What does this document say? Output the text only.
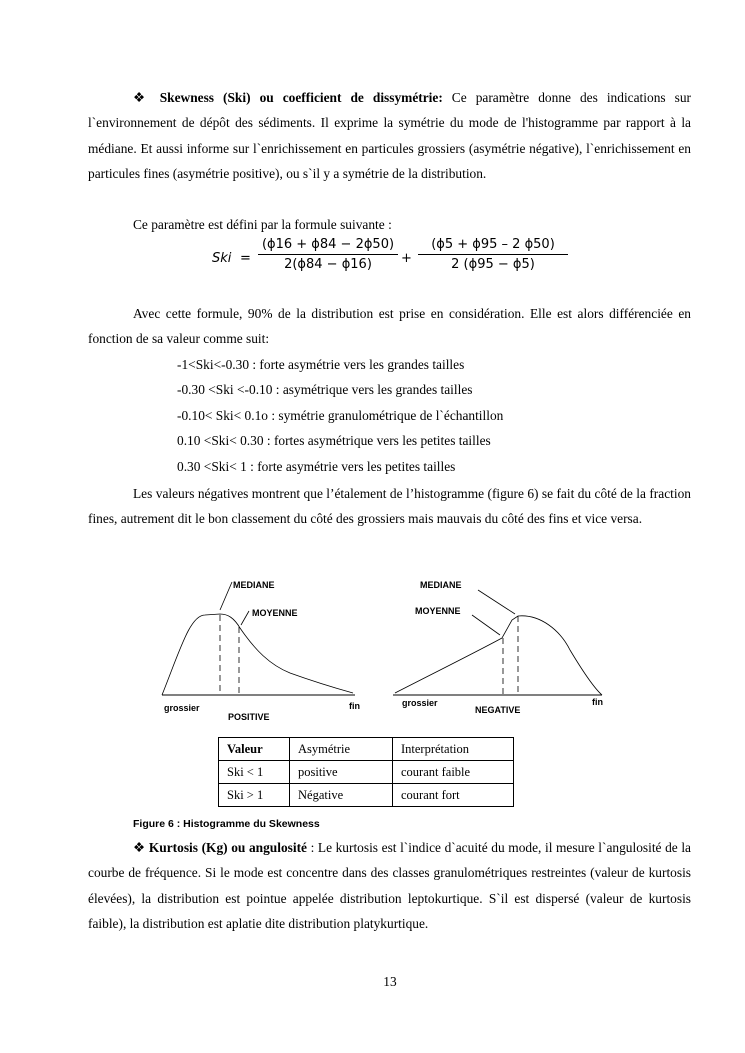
❖ Skewness (Ski) ou coefficient de dissymétrie: Ce paramètre donne des indications sur l`environnement de dépôt des sédiments. Il exprime la symétrie du mode de l'histogramme par rapport à la médiane. Et aussi informe sur l`enrichissement en particules grossiers (asymétrie négative), l`enrichissement en particules fines (asymétrie positive), ou s`il y a symétrie de la distribution.
Ce paramètre est défini par la formule suivante :
Ski = $\frac{(\phi 16 + \phi 84 - 2\phi 50)}{2(\phi 84 - \phi 16)} + \frac{(\phi 5 + \phi 95 - 2 \phi 50)}{2 (\phi 95 - \phi 5)}$
Avec cette formule, 90% de la distribution est prise en considération. Elle est alors différenciée en fonction de sa valeur comme suit:
-1<Ski<-0.30 : forte asymétrie vers les grandes tailles
-0.30 <Ski <-0.10 : asymétrique vers les grandes tailles
-0.10< Ski< 0.1o : symétrie granulométrique de l`échantillon
0.10 <Ski< 0.30 : fortes asymétrique vers les petites tailles
0.30 <Ski< 1 : forte asymétrie vers les petites tailles
Les valeurs négatives montrent que l’étalement de l’histogramme (figure 6) se fait du côté de la fraction fines, autrement dit le bon classement du côté des grossiers mais mauvais du côté des fins et vice versa.
MEDIANE
MOYENNE
grossier	fin
POSITIVE
MEDIANE
MOYENNE
grossier	fin
NEGATIVE
Valeur	Asymétrie	Interprétation
Ski < 1	positive	courant faible
Ski > 1	Négative	courant fort
Figure 6 : Histogramme du Skewness
❖ Kurtosis (Kg) ou angulosité : Le kurtosis est l`indice d`acuité du mode, il mesure l`angulosité de la courbe de fréquence. Si le mode est concentre dans des classes granulométriques restreintes (valeur de kurtosis élevées), la distribution est pointue appelée distribution leptokurtique. S`il est dispersé (valeur de kurtosis faible), la distribution est aplatie dite distribution platykurtique.
13
